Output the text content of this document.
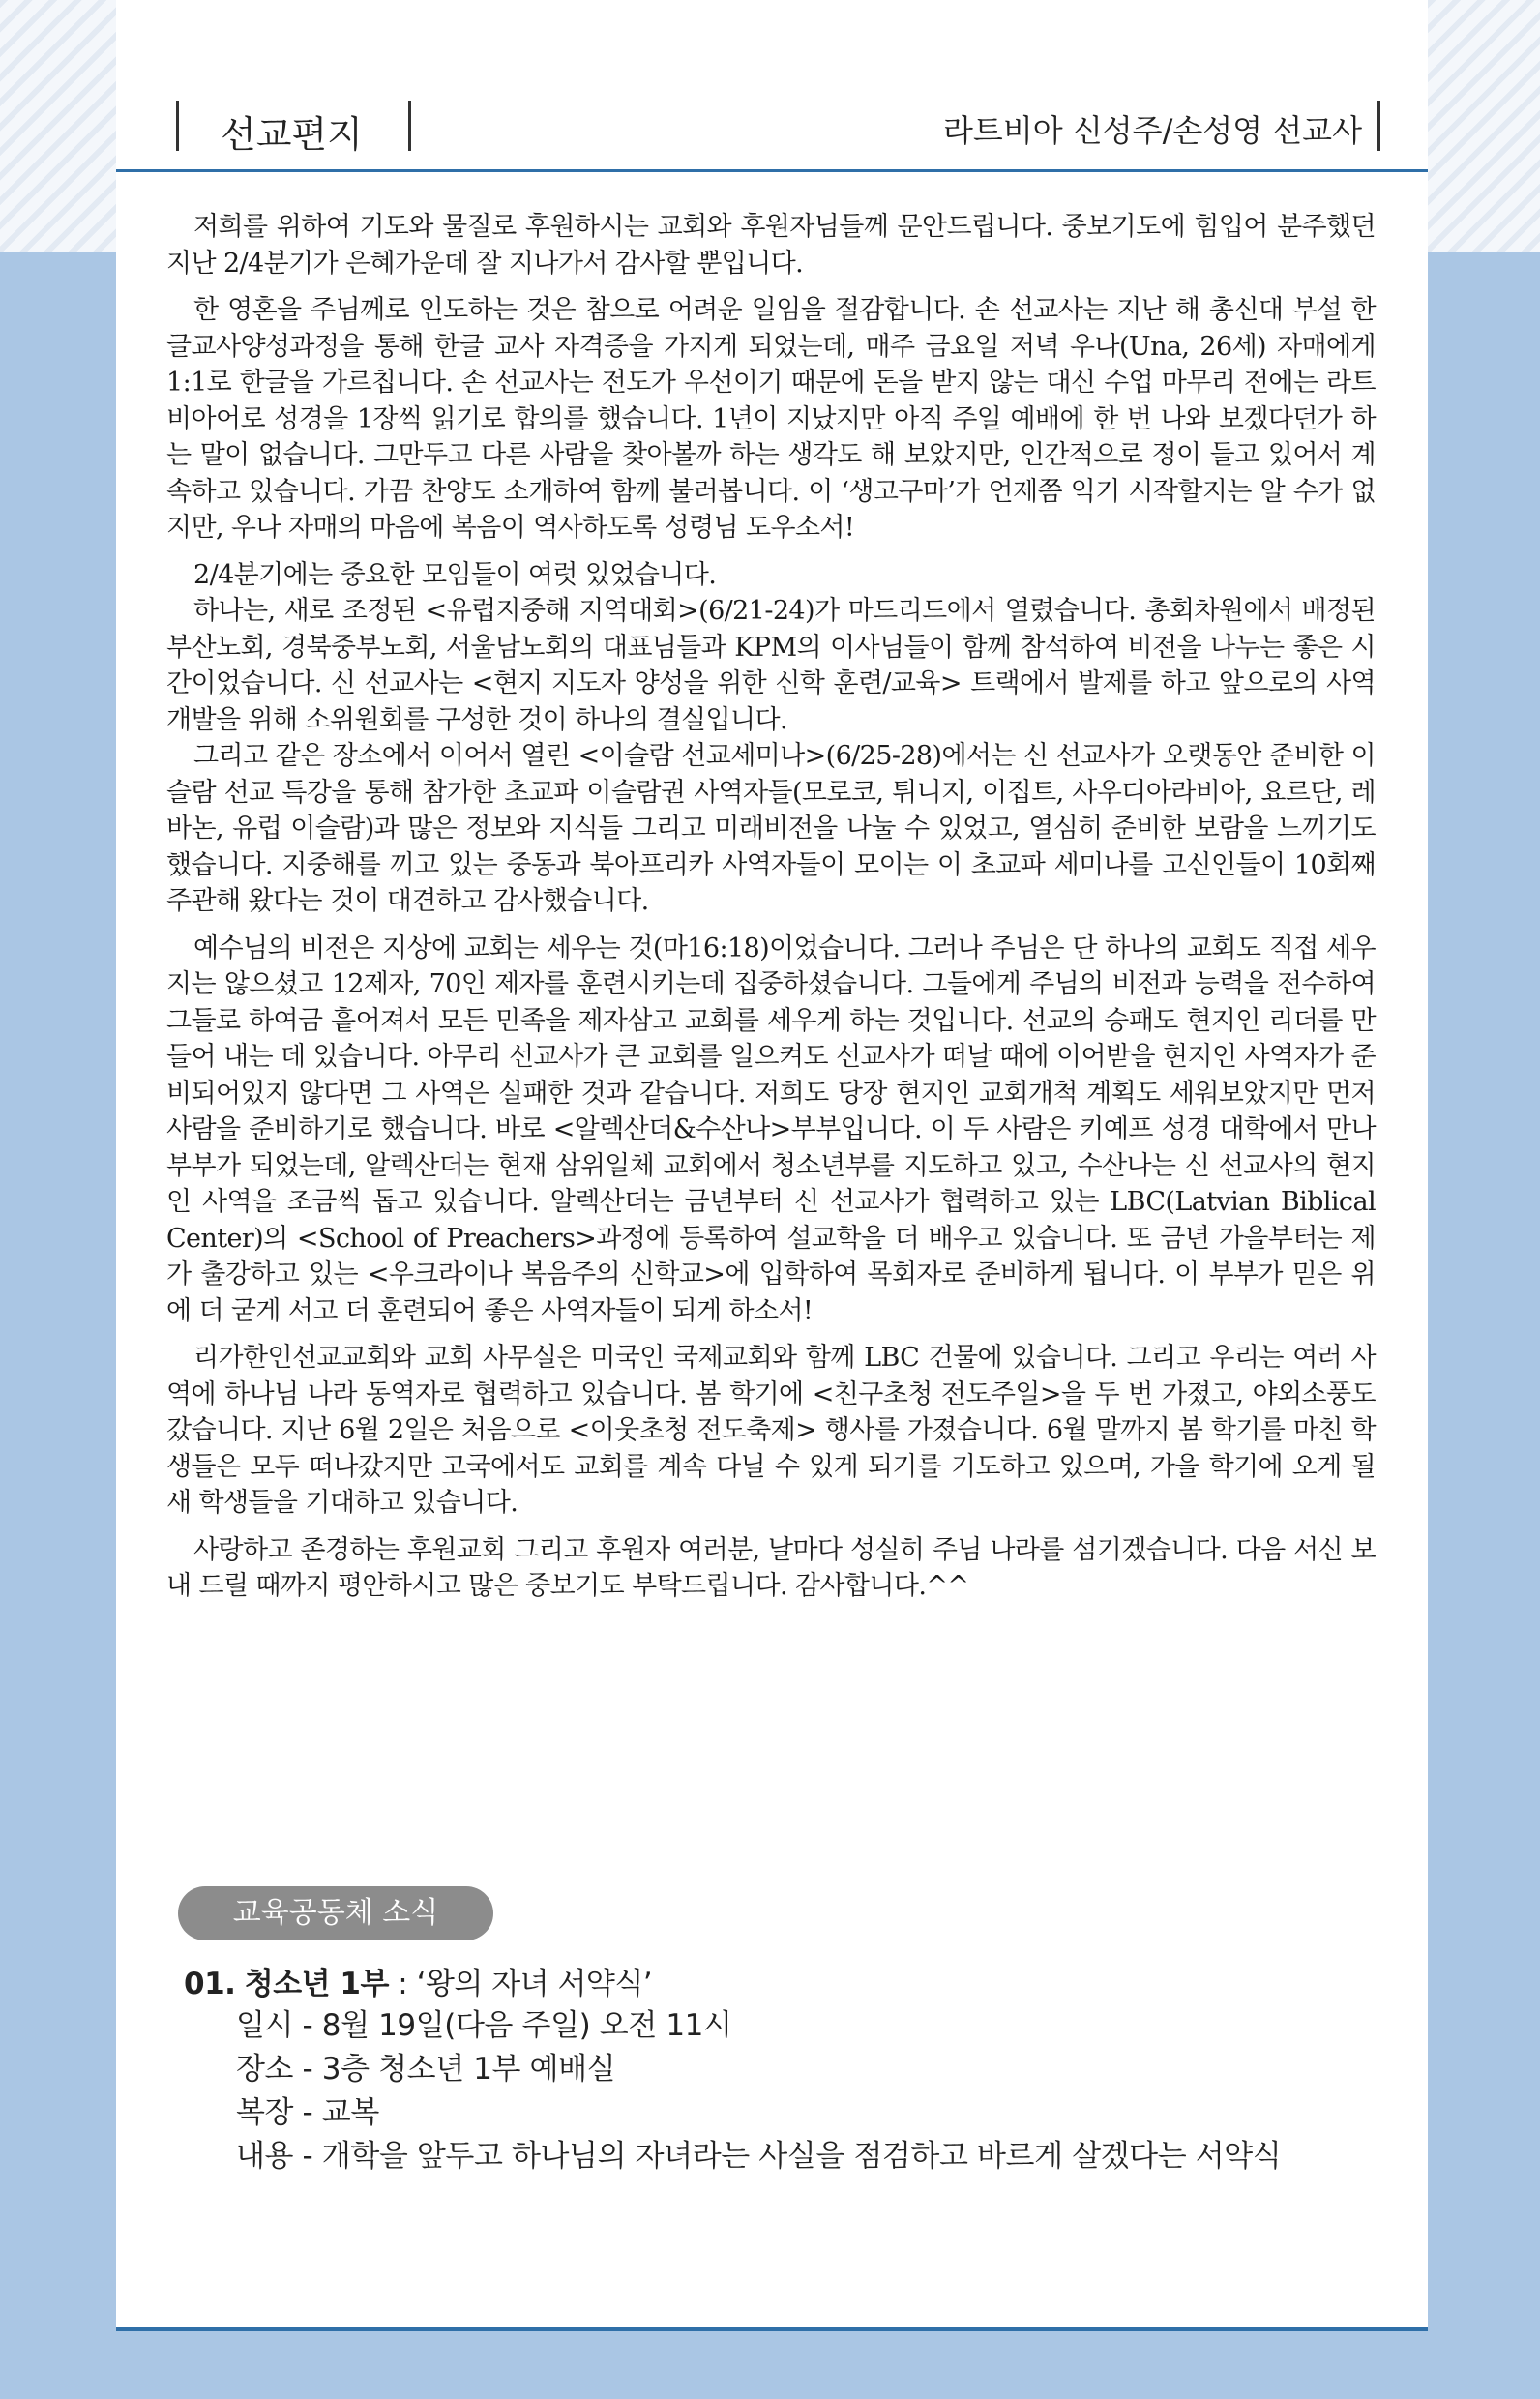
선교편지	라트비아 신성주/손성영 선교사

저희를 위하여 기도와 물질로 후원하시는 교회와 후원자님들께 문안드립니다. 중보기도에 힘입어 분주했던 지난 2/4분기가 은혜가운데 잘 지나가서 감사할 뿐입니다.

한 영혼을 주님께로 인도하는 것은 참으로 어려운 일임을 절감합니다. 손 선교사는 지난 해 총신대 부설 한글교사양성과정을 통해 한글 교사 자격증을 가지게 되었는데, 매주 금요일 저녁 우나(Una, 26세) 자매에게 1:1로 한글을 가르칩니다. 손 선교사는 전도가 우선이기 때문에 돈을 받지 않는 대신 수업 마무리 전에는 라트비아어로 성경을 1장씩 읽기로 합의를 했습니다. 1년이 지났지만 아직 주일 예배에 한 번 나와 보겠다던가 하는 말이 없습니다. 그만두고 다른 사람을 찾아볼까 하는 생각도 해 보았지만, 인간적으로 정이 들고 있어서 계속하고 있습니다. 가끔 찬양도 소개하여 함께 불러봅니다. 이 ‘생고구마’가 언제쯤 익기 시작할지는 알 수가 없지만, 우나 자매의 마음에 복음이 역사하도록 성령님 도우소서!

2/4분기에는 중요한 모임들이 여럿 있었습니다.

하나는, 새로 조정된 <유럽지중해 지역대회>(6/21-24)가 마드리드에서 열렸습니다. 총회차원에서 배정된 부산노회, 경북중부노회, 서울남노회의 대표님들과 KPM의 이사님들이 함께 참석하여 비전을 나누는 좋은 시간이었습니다. 신 선교사는 <현지 지도자 양성을 위한 신학 훈련/교육> 트랙에서 발제를 하고 앞으로의 사역 개발을 위해 소위원회를 구성한 것이 하나의 결실입니다.

그리고 같은 장소에서 이어서 열린 <이슬람 선교세미나>(6/25-28)에서는 신 선교사가 오랫동안 준비한 이슬람 선교 특강을 통해 참가한 초교파 이슬람권 사역자들(모로코, 튀니지, 이집트, 사우디아라비아, 요르단, 레바논, 유럽 이슬람)과 많은 정보와 지식들 그리고 미래비전을 나눌 수 있었고, 열심히 준비한 보람을 느끼기도 했습니다. 지중해를 끼고 있는 중동과 북아프리카 사역자들이 모이는 이 초교파 세미나를 고신인들이 10회째 주관해 왔다는 것이 대견하고 감사했습니다.

예수님의 비전은 지상에 교회는 세우는 것(마16:18)이었습니다. 그러나 주님은 단 하나의 교회도 직접 세우지는 않으셨고 12제자, 70인 제자를 훈련시키는데 집중하셨습니다. 그들에게 주님의 비전과 능력을 전수하여 그들로 하여금 흩어져서 모든 민족을 제자삼고 교회를 세우게 하는 것입니다. 선교의 승패도 현지인 리더를 만들어 내는 데 있습니다. 아무리 선교사가 큰 교회를 일으켜도 선교사가 떠날 때에 이어받을 현지인 사역자가 준비되어있지 않다면 그 사역은 실패한 것과 같습니다. 저희도 당장 현지인 교회개척 계획도 세워보았지만 먼저 사람을 준비하기로 했습니다. 바로 <알렉산더&수산나>부부입니다. 이 두 사람은 키예프 성경 대학에서 만나 부부가 되었는데, 알렉산더는 현재 삼위일체 교회에서 청소년부를 지도하고 있고, 수산나는 신 선교사의 현지인 사역을 조금씩 돕고 있습니다. 알렉산더는 금년부터 신 선교사가 협력하고 있는 LBC(Latvian Biblical Center)의 <School of Preachers>과정에 등록하여 설교학을 더 배우고 있습니다. 또 금년 가을부터는 제가 출강하고 있는 <우크라이나 복음주의 신학교>에 입학하여 목회자로 준비하게 됩니다. 이 부부가 믿은 위에 더 굳게 서고 더 훈련되어 좋은 사역자들이 되게 하소서!

리가한인선교교회와 교회 사무실은 미국인 국제교회와 함께 LBC 건물에 있습니다. 그리고 우리는 여러 사역에 하나님 나라 동역자로 협력하고 있습니다. 봄 학기에 <친구초청 전도주일>을 두 번 가졌고, 야외소풍도 갔습니다. 지난 6월 2일은 처음으로 <이웃초청 전도축제> 행사를 가졌습니다. 6월 말까지 봄 학기를 마친 학생들은 모두 떠나갔지만 고국에서도 교회를 계속 다닐 수 있게 되기를 기도하고 있으며, 가을 학기에 오게 될 새 학생들을 기대하고 있습니다.

사랑하고 존경하는 후원교회 그리고 후원자 여러분, 날마다 성실히 주님 나라를 섬기겠습니다. 다음 서신 보내 드릴 때까지 평안하시고 많은 중보기도 부탁드립니다. 감사합니다.^^

교육공동체 소식
01. 청소년 1부 : ‘왕의 자녀 서약식’
일시 - 8월 19일(다음 주일) 오전 11시
장소 - 3층 청소년 1부 예배실
복장 - 교복
내용 - 개학을 앞두고 하나님의 자녀라는 사실을 점검하고 바르게 살겠다는 서약식
